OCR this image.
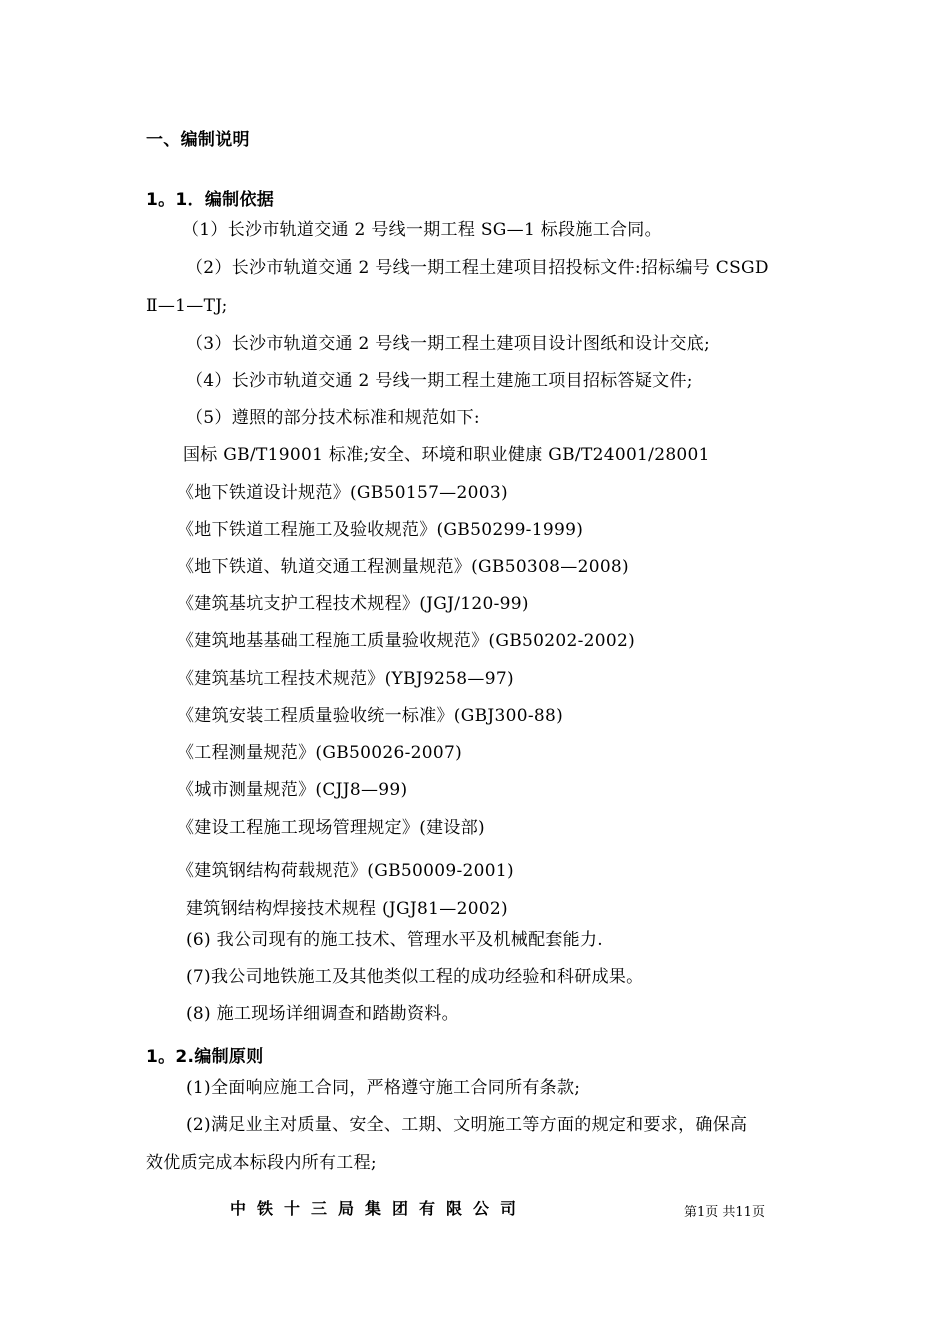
一、编制说明
1。1．编制依据
（1）长沙市轨道交通 2 号线一期工程 SG—1 标段施工合同。
（2）长沙市轨道交通 2 号线一期工程土建项目招投标文件:招标编号 CSGD
Ⅱ—1—TJ;
（3）长沙市轨道交通 2 号线一期工程土建项目设计图纸和设计交底;
（4）长沙市轨道交通 2 号线一期工程土建施工项目招标答疑文件;
（5）遵照的部分技术标准和规范如下:
国标 GB/T19001 标准;安全、环境和职业健康 GB/T24001/28001
《地下铁道设计规范》(GB50157—2003)
《地下铁道工程施工及验收规范》(GB50299-1999)
《地下铁道、轨道交通工程测量规范》(GB50308—2008)
《建筑基坑支护工程技术规程》(JGJ/120-99)
《建筑地基基础工程施工质量验收规范》(GB50202-2002)
《建筑基坑工程技术规范》(YBJ9258—97)
《建筑安装工程质量验收统一标准》(GBJ300-88)
《工程测量规范》(GB50026-2007)
《城市测量规范》(CJJ8—99)
《建设工程施工现场管理规定》(建设部)
《建筑钢结构荷载规范》(GB50009-2001)
建筑钢结构焊接技术规程 (JGJ81—2002)
(6) 我公司现有的施工技术、管理水平及机械配套能力.
(7)我公司地铁施工及其他类似工程的成功经验和科研成果。
(8) 施工现场详细调查和踏勘资料。
1。2.编制原则
(1)全面响应施工合同，严格遵守施工合同所有条款;
(2)满足业主对质量、安全、工期、文明施工等方面的规定和要求，确保高
效优质完成本标段内所有工程;
中铁十三局集团有限公司	第1页 共11页
